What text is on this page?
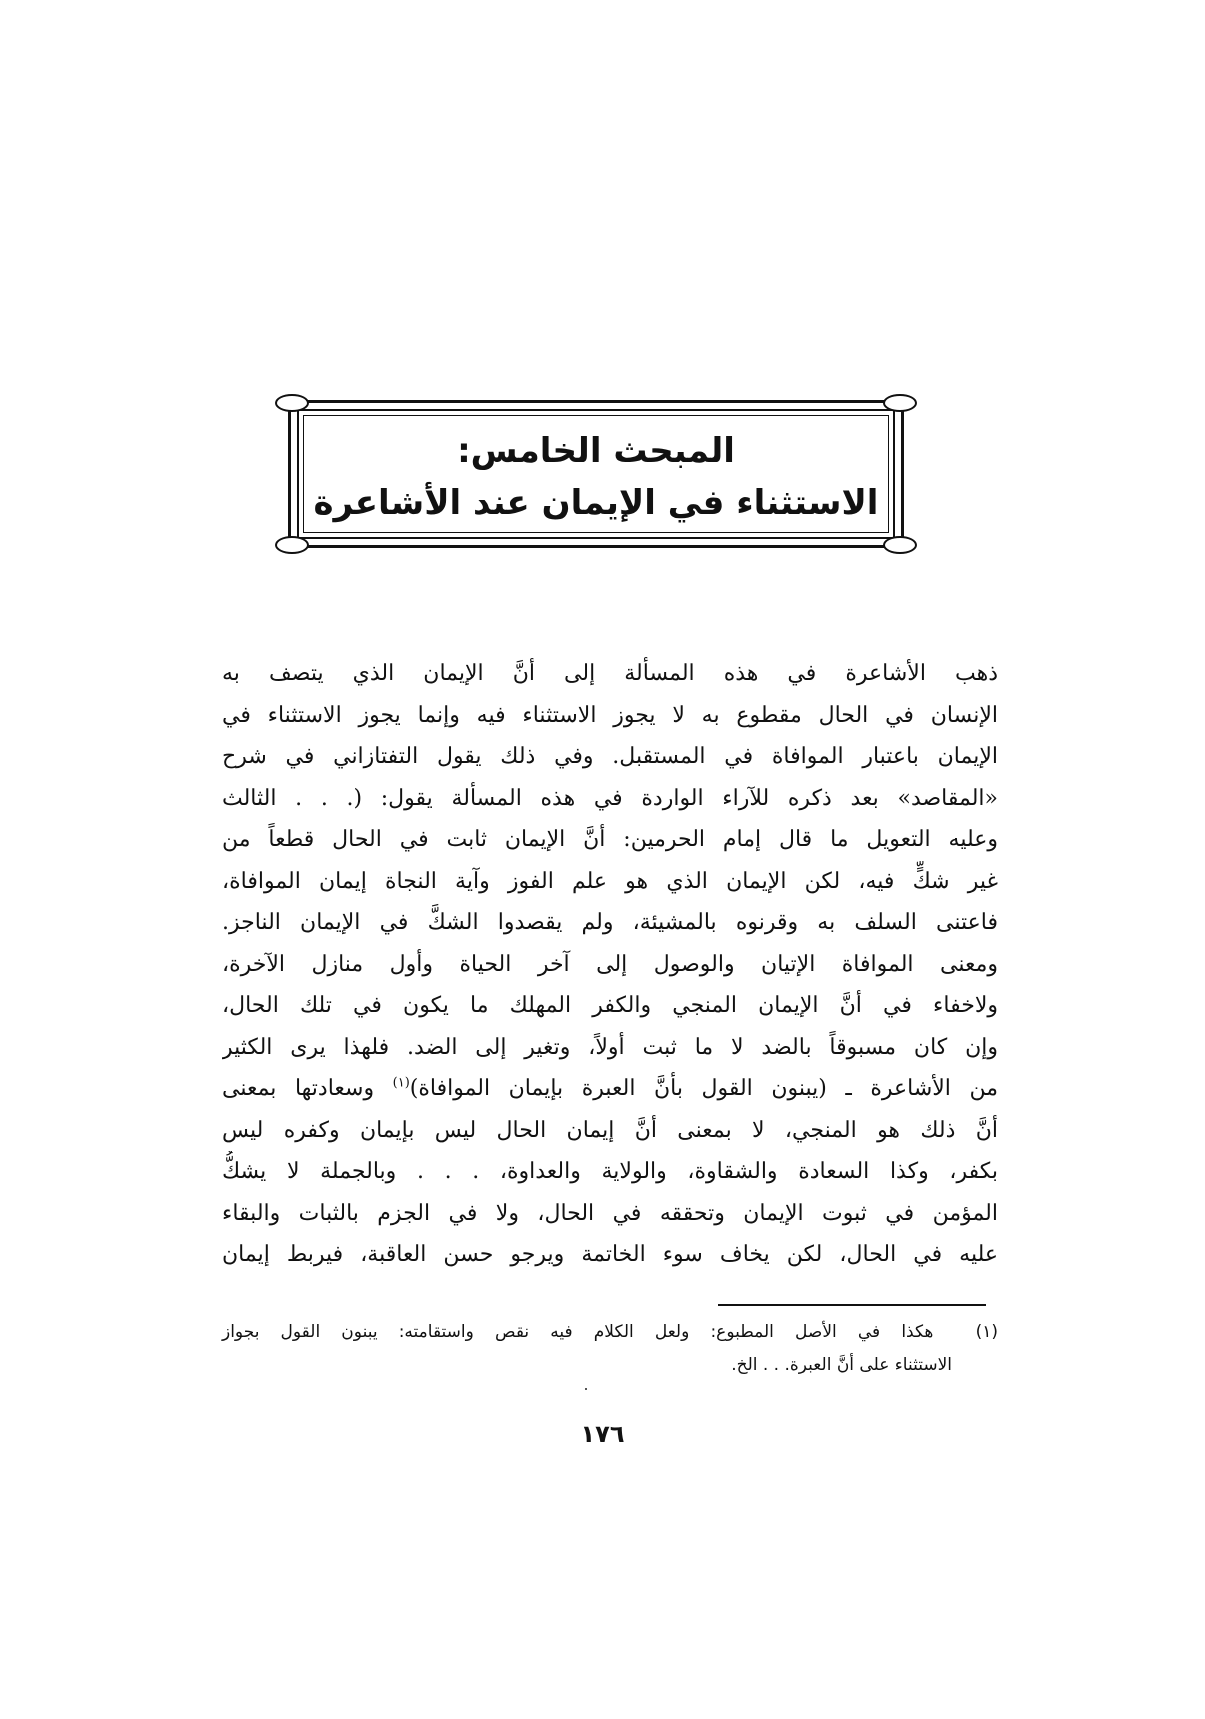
المبحث الخامس:
الاستثناء في الإيمان عند الأشاعرة
ذهب الأشاعرة في هذه المسألة إلى أنَّ الإيمان الذي يتصف به
الإنسان في الحال مقطوع به لا يجوز الاستثناء فيه وإنما يجوز الاستثناء في
الإيمان باعتبار الموافاة في المستقبل. وفي ذلك يقول التفتازاني في شرح
«المقاصد» بعد ذكره للآراء الواردة في هذه المسألة يقول: (. . . الثالث
وعليه التعويل ما قال إمام الحرمين: أنَّ الإيمان ثابت في الحال قطعاً من
غير شكٍّ فيه، لكن الإيمان الذي هو علم الفوز وآية النجاة إيمان الموافاة،
فاعتنى السلف به وقرنوه بالمشيئة، ولم يقصدوا الشكَّ في الإيمان الناجز.
ومعنى الموافاة الإتيان والوصول إلى آخر الحياة وأول منازل الآخرة،
ولاخفاء في أنَّ الإيمان المنجي والكفر المهلك ما يكون في تلك الحال،
وإن كان مسبوقاً بالضد لا ما ثبت أولاً، وتغير إلى الضد. فلهذا يرى الكثير
من الأشاعرة ـ (يبنون القول بأنَّ العبرة بإيمان الموافاة)$^{(١)}$ وسعادتها بمعنى
أنَّ ذلك هو المنجي، لا بمعنى أنَّ إيمان الحال ليس بإيمان وكفره ليس
بكفر، وكذا السعادة والشقاوة، والولاية والعداوة، . . . وبالجملة لا يشكُّ
المؤمن في ثبوت الإيمان وتحققه في الحال، ولا في الجزم بالثبات والبقاء
عليه في الحال، لكن يخاف سوء الخاتمة ويرجو حسن العاقبة، فيربط إيمان
(١)  هكذا في الأصل المطبوع: ولعل الكلام فيه نقص واستقامته: يبنون القول بجواز
الاستثناء على أنَّ العبرة. . . الخ.
١٧٦
